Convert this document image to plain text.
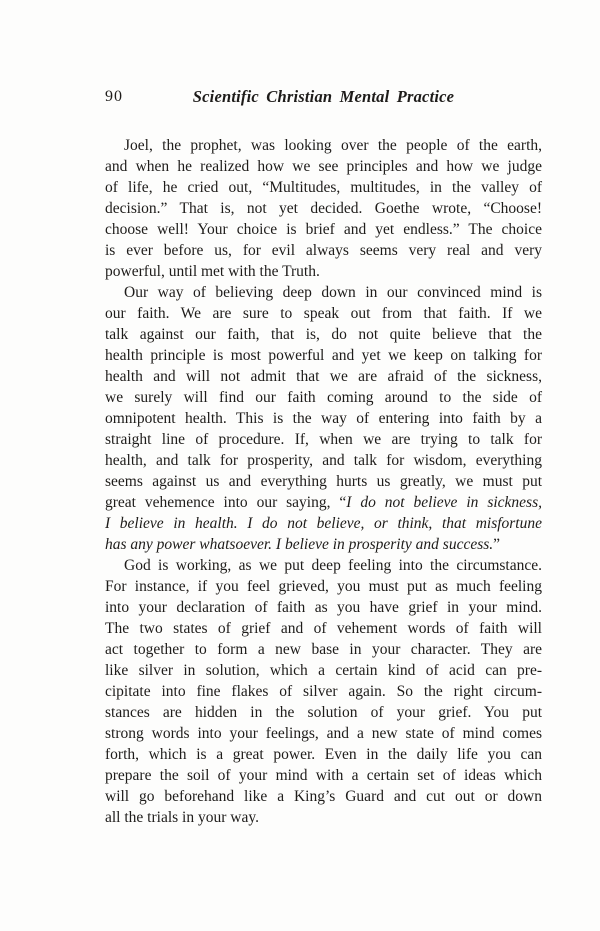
90	Scientific Christian Mental Practice

Joel, the prophet, was looking over the people of the earth,
and when he realized how we see principles and how we judge
of life, he cried out, “Multitudes, multitudes, in the valley of
decision.” That is, not yet decided. Goethe wrote, “Choose!
choose well! Your choice is brief and yet endless.” The choice
is ever before us, for evil always seems very real and very
powerful, until met with the Truth.

Our way of believing deep down in our convinced mind is
our faith. We are sure to speak out from that faith. If we
talk against our faith, that is, do not quite believe that the
health principle is most powerful and yet we keep on talking for
health and will not admit that we are afraid of the sickness,
we surely will find our faith coming around to the side of
omnipotent health. This is the way of entering into faith by a
straight line of procedure. If, when we are trying to talk for
health, and talk for prosperity, and talk for wisdom, everything
seems against us and everything hurts us greatly, we must put
great vehemence into our saying, “I do not believe in sickness,
I believe in health. I do not believe, or think, that misfortune
has any power whatsoever. I believe in prosperity and success.”

God is working, as we put deep feeling into the circumstance.
For instance, if you feel grieved, you must put as much feeling
into your declaration of faith as you have grief in your mind.
The two states of grief and of vehement words of faith will
act together to form a new base in your character. They are
like silver in solution, which a certain kind of acid can pre-
cipitate into fine flakes of silver again. So the right circum-
stances are hidden in the solution of your grief. You put
strong words into your feelings, and a new state of mind comes
forth, which is a great power. Even in the daily life you can
prepare the soil of your mind with a certain set of ideas which
will go beforehand like a King’s Guard and cut out or down
all the trials in your way.
